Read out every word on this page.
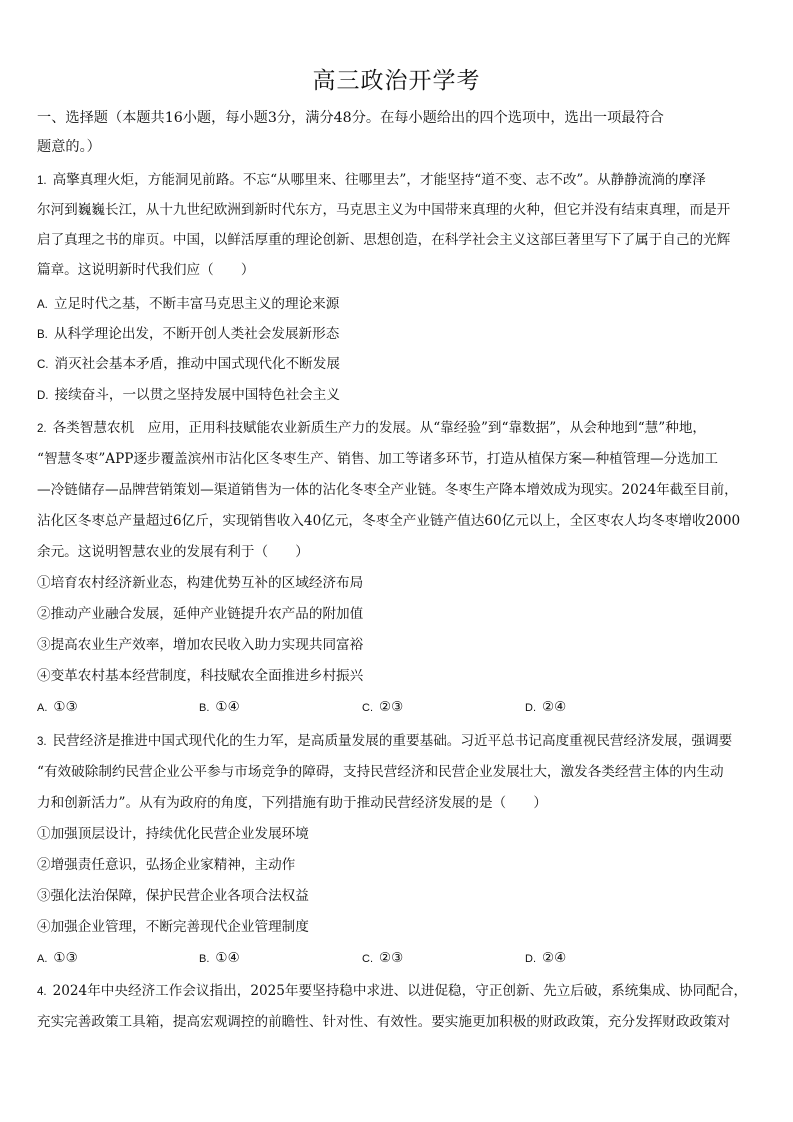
高三政治开学考
一、选择题（本题共16小题，每小题3分，满分48分。在每小题给出的四个选项中，选出一项最符合
题意的。）
1. 高擎真理火炬，方能洞见前路。不忘“从哪里来、往哪里去”，才能坚持“道不变、志不改”。从静静流淌的摩泽
尔河到巍巍长江，从十九世纪欧洲到新时代东方，马克思主义为中国带来真理的火种，但它并没有结束真理，而是开
启了真理之书的扉页。中国，以鲜活厚重的理论创新、思想创造，在科学社会主义这部巨著里写下了属于自己的光辉
篇章。这说明新时代我们应（　　）
A. 立足时代之基，不断丰富马克思主义的理论来源
B. 从科学理论出发，不断开创人类社会发展新形态
C. 消灭社会基本矛盾，推动中国式现代化不断发展
D. 接续奋斗，一以贯之坚持发展中国特色社会主义
2. 各类智慧农机　应用，正用科技赋能农业新质生产力的发展。从“靠经验”到“靠数据”，从会种地到“慧”种地，
“智慧冬枣”APP逐步覆盖滨州市沾化区冬枣生产、销售、加工等诸多环节，打造从植保方案—种植管理—分选加工
—冷链储存—品牌营销策划—渠道销售为一体的沾化冬枣全产业链。冬枣生产降本增效成为现实。2024年截至目前，
沾化区冬枣总产量超过6亿斤，实现销售收入40亿元，冬枣全产业链产值达60亿元以上，全区枣农人均冬枣增收2000
余元。这说明智慧农业的发展有利于（　　）
①培育农村经济新业态，构建优势互补的区域经济布局
②推动产业融合发展，延伸产业链提升农产品的附加值
③提高农业生产效率，增加农民收入助力实现共同富裕
④变革农村基本经营制度，科技赋农全面推进乡村振兴
A. ①③	B. ①④	C. ②③	D. ②④
3. 民营经济是推进中国式现代化的生力军，是高质量发展的重要基础。习近平总书记高度重视民营经济发展，强调要
“有效破除制约民营企业公平参与市场竞争的障碍，支持民营经济和民营企业发展壮大，激发各类经营主体的内生动
力和创新活力”。从有为政府的角度，下列措施有助于推动民营经济发展的是（　　）
①加强顶层设计，持续优化民营企业发展环境
②增强责任意识，弘扬企业家精神，主动作
③强化法治保障，保护民营企业各项合法权益
④加强企业管理，不断完善现代企业管理制度
A. ①③	B. ①④	C. ②③	D. ②④
4. 2024年中央经济工作会议指出，2025年要坚持稳中求进、以进促稳，守正创新、先立后破，系统集成、协同配合，
充实完善政策工具箱，提高宏观调控的前瞻性、针对性、有效性。要实施更加积极的财政政策，充分发挥财政政策对
